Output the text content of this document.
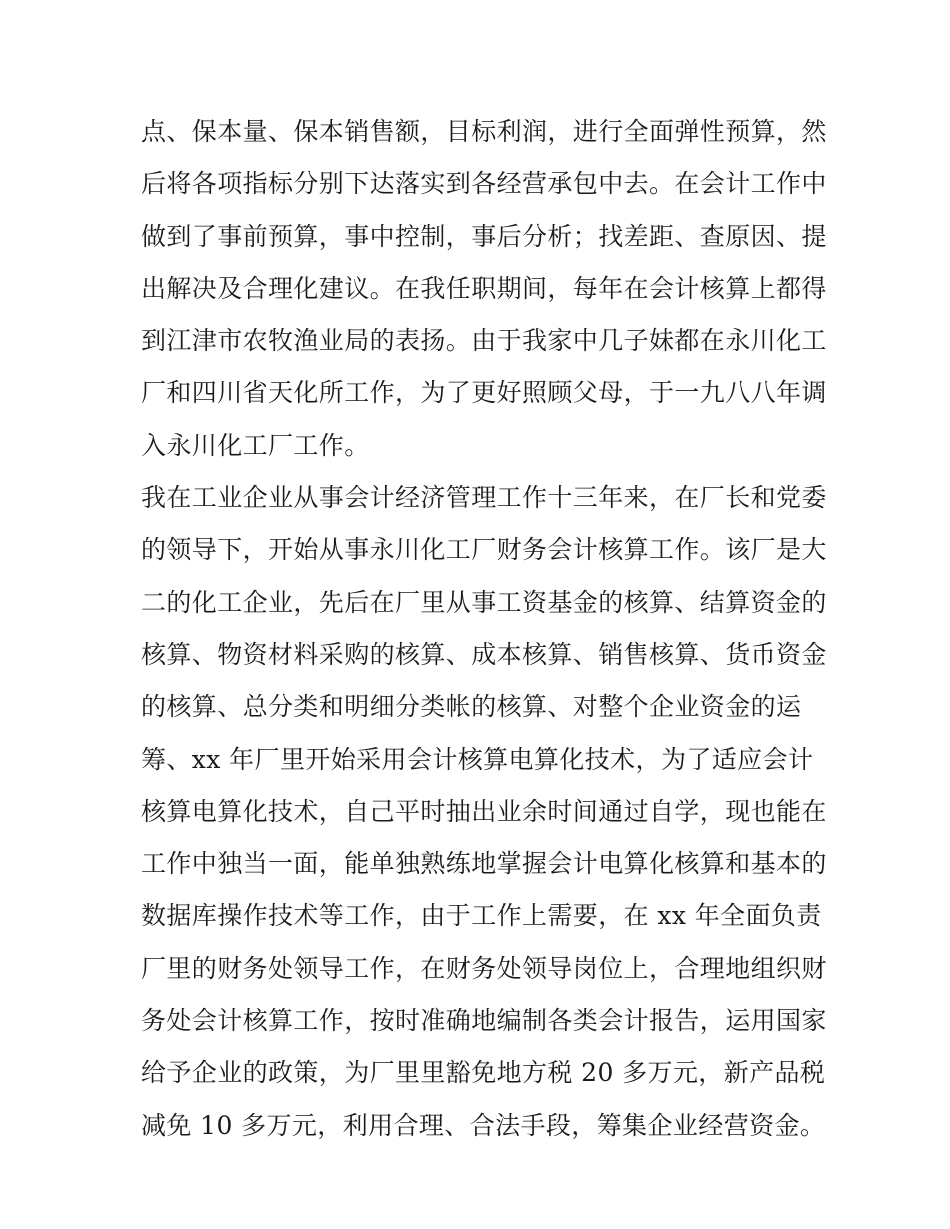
点、保本量、保本销售额，目标利润，进行全面弹性预算，然
后将各项指标分别下达落实到各经营承包中去。在会计工作中
做到了事前预算，事中控制，事后分析；找差距、查原因、提
出解决及合理化建议。在我任职期间，每年在会计核算上都得
到江津市农牧渔业局的表扬。由于我家中几子妹都在永川化工
厂和四川省天化所工作，为了更好照顾父母，于一九八八年调
入永川化工厂工作。
我在工业企业从事会计经济管理工作十三年来，在厂长和党委
的领导下，开始从事永川化工厂财务会计核算工作。该厂是大
二的化工企业，先后在厂里从事工资基金的核算、结算资金的
核算、物资材料采购的核算、成本核算、销售核算、货币资金
的核算、总分类和明细分类帐的核算、对整个企业资金的运
筹、xx 年厂里开始采用会计核算电算化技术，为了适应会计
核算电算化技术，自己平时抽出业余时间通过自学，现也能在
工作中独当一面，能单独熟练地掌握会计电算化核算和基本的
数据库操作技术等工作，由于工作上需要，在 xx 年全面负责
厂里的财务处领导工作，在财务处领导岗位上，合理地组织财
务处会计核算工作，按时准确地编制各类会计报告，运用国家
给予企业的政策，为厂里里豁免地方税 20 多万元，新产品税
减免 10 多万元，利用合理、合法手段，筹集企业经营资金。
